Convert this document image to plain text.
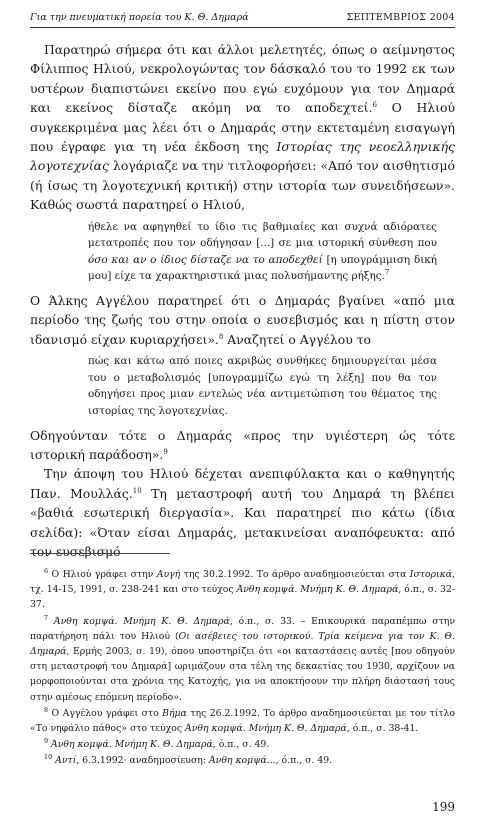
Για την πνευματική πορεία του Κ. Θ. Δημαρά	ΣΕΠΤΕΜΒΡΙΟΣ 2004

Παρατηρώ σήμερα ότι και άλλοι μελετητές, όπως ο αείμνηστος Φίλιππος Ηλιού, νεκρολογώντας τον δάσκαλό του το 1992 εκ των υστέρων διαπιστώνει εκείνο που εγώ ευχόμουν για τον Δημαρά και εκείνος δίσταζε ακόμη να το αποδεχτεί.$^6$ Ο Ηλιού συγκεκριμένα μας λέει ότι ο Δημαράς στην εκτεταμένη εισαγωγή που έγραφε για τη νέα έκδοση της Ιστορίας της νεοελληνικής λογοτεχνίας λογάριαζε να την τιτλοφορήσει: «Από τον αισθητισμό (ή ίσως τη λογοτεχνική κριτική) στην ιστορία των συνειδήσεων». Καθώς σωστά παρατηρεί ο Ηλιού,

ήθελε να αφηγηθεί το ίδιο τις βαθμιαίες και συχνά αδιόρατες μετατροπές που τον οδήγησαν [...] σε μια ιστορική σύνθεση που όσο και αν ο ίδιος δίσταζε να το αποδεχθεί [η υπογράμμιση δική μου] είχε τα χαρακτηριστικά μιας πολυσήμαντης ρήξης.$^7$

Ο Άλκης Αγγέλου παρατηρεί ότι ο Δημαράς βγαίνει «από μια περίοδο της ζωής του στην οποία ο ευσεβισμός και η πίστη στον ιδανισμό είχαν κυριαρχήσει».$^8$ Αναζητεί ο Αγγέλου το

πώς και κάτω από ποιες ακριβώς συνθήκες δημιουργείται μέσα του ο μεταβολισμός [υπογραμμίζω εγώ τη λέξη] που θα τον οδηγήσει προς μιαν εντελώς νέα αντιμετώπιση του θέματος της ιστορίας της λογοτεχνίας.

Οδηγούνταν τότε ο Δημαράς «προς την υγιέστερη ώς τότε ιστορική παράδοση».$^9$

Την άποψη του Ηλιού δέχεται ανεπιφύλακτα και ο καθηγητής Παν. Μουλλάς.$^{10}$ Τη μεταστροφή αυτή του Δημαρά τη βλέπει «βαθιά εσωτερική διεργασία». Και παρατηρεί πιο κάτω (ίδια σελίδα): «Όταν είσαι Δημαράς, μετακινείσαι αναπόφευκτα: από τον ευσεβισμό

$^6$ Ο Ηλιού γράφει στην Αυγή της 30.2.1992. Το άρθρο αναδημοσιεύεται στα Ιστορικά, τχ. 14-15, 1991, σ. 238-241 και στο τεύχος Άνθη κομψά. Μνήμη Κ. Θ. Δημαρά, ό.π., σ. 32-37.

$^7$ Άνθη κομψά. Μνήμη Κ. Θ. Δημαρά, ό.π., σ. 33. – Επικουρικά παραπέμπω στην παρατήρηση πάλι του Ηλιού (Οι ασέβειες του ιστορικού. Τρία κείμενα για τον Κ. Θ. Δημαρά, Ερμής 2003, σ. 19), όπου υποστηρίζει ότι «οι καταστάσεις αυτές [που οδηγούν στη μεταστροφή του Δημαρά] ωριμάζουν στα τέλη της δεκαετίας του 1930, αρχίζουν να μορφοποιούνται στα χρόνια της Κατοχής, για να αποκτήσουν την πλήρη διάστασή τους στην αμέσως επόμενη περίοδο».

$^8$ Ο Αγγέλου γράφει στο Βήμα της 26.2.1992. Το άρθρο αναδημοσιεύεται με τον τίτλο «Το νηφάλιο πάθος» στο τεύχος Άνθη κομψά. Μνήμη Κ. Θ. Δημαρά, ό.π., σ. 38-41.

$^9$ Άνθη κομψά. Μνήμη Κ. Θ. Δημαρά, ό.π., σ. 49.

$^{10}$ Αντί, 6.3.1992· αναδημοσίευση: Άνθη κομψά..., ό.π., σ. 49.

199
